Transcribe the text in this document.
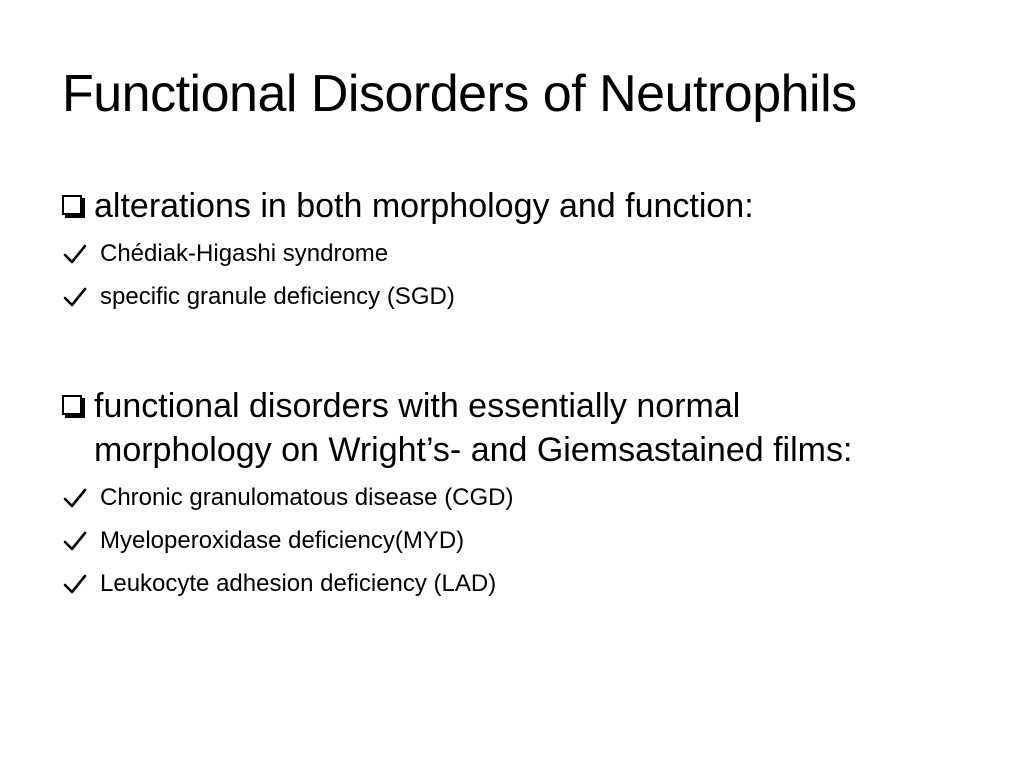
Functional Disorders of Neutrophils
alterations in both morphology and function:
Chédiak-Higashi syndrome
specific granule deficiency (SGD)
functional disorders with essentially normal morphology on Wright’s- and Giemsastained films:
Chronic granulomatous disease (CGD)
Myeloperoxidase deficiency(MYD)
Leukocyte adhesion deficiency (LAD)
